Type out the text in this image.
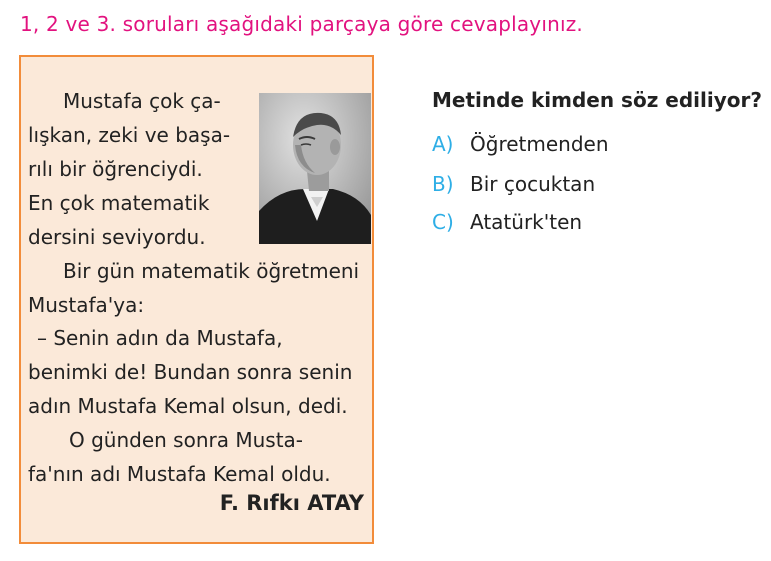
1, 2 ve 3. soruları aşağıdaki parçaya göre cevaplayınız.
Mustafa çok ça-
lışkan, zeki ve başa-
rılı bir öğrenciydi.
En çok matematik
dersini seviyordu.
Bir gün matematik öğretmeni
Mustafa'ya:
– Senin adın da Mustafa,
benimki de! Bundan sonra senin
adın Mustafa Kemal olsun, dedi.
O günden sonra Musta-
fa'nın adı Mustafa Kemal oldu.
F. Rıfkı ATAY
Metinde kimden söz ediliyor?
A) Öğretmenden
B) Bir çocuktan
C) Atatürk'ten
